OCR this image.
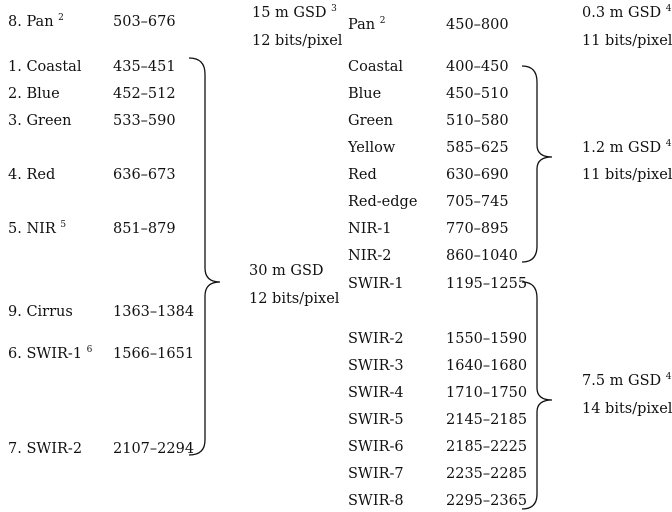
8. Pan $^2$	503–676
15 m GSD $^3$
12 bits/pixel
1. Coastal 435–451
2. Blue	452–512
3. Green	533–590
4. Red	636–673
5. NIR $^5$	851–879
9. Cirrus	1363–1384
6. SWIR-1 $^6$ 1566–1651
7. SWIR-2 2107–2294
30 m GSD
12 bits/pixel
Pan $^2$	450–800
0.3 m GSD $^4$
11 bits/pixel
Coastal	400–450
Blue	450–510
Green	510–580
Yellow	585–625
Red	630–690
Red-edge 705–745
NIR-1	770–895
NIR-2	860–1040
1.2 m GSD $^4$
11 bits/pixel
SWIR-1	1195–1255
SWIR-2	1550–1590
SWIR-3	1640–1680
SWIR-4	1710–1750
SWIR-5	2145–2185
SWIR-6	2185–2225
SWIR-7	2235–2285
SWIR-8	2295–2365
7.5 m GSD $^4$
14 bits/pixel
